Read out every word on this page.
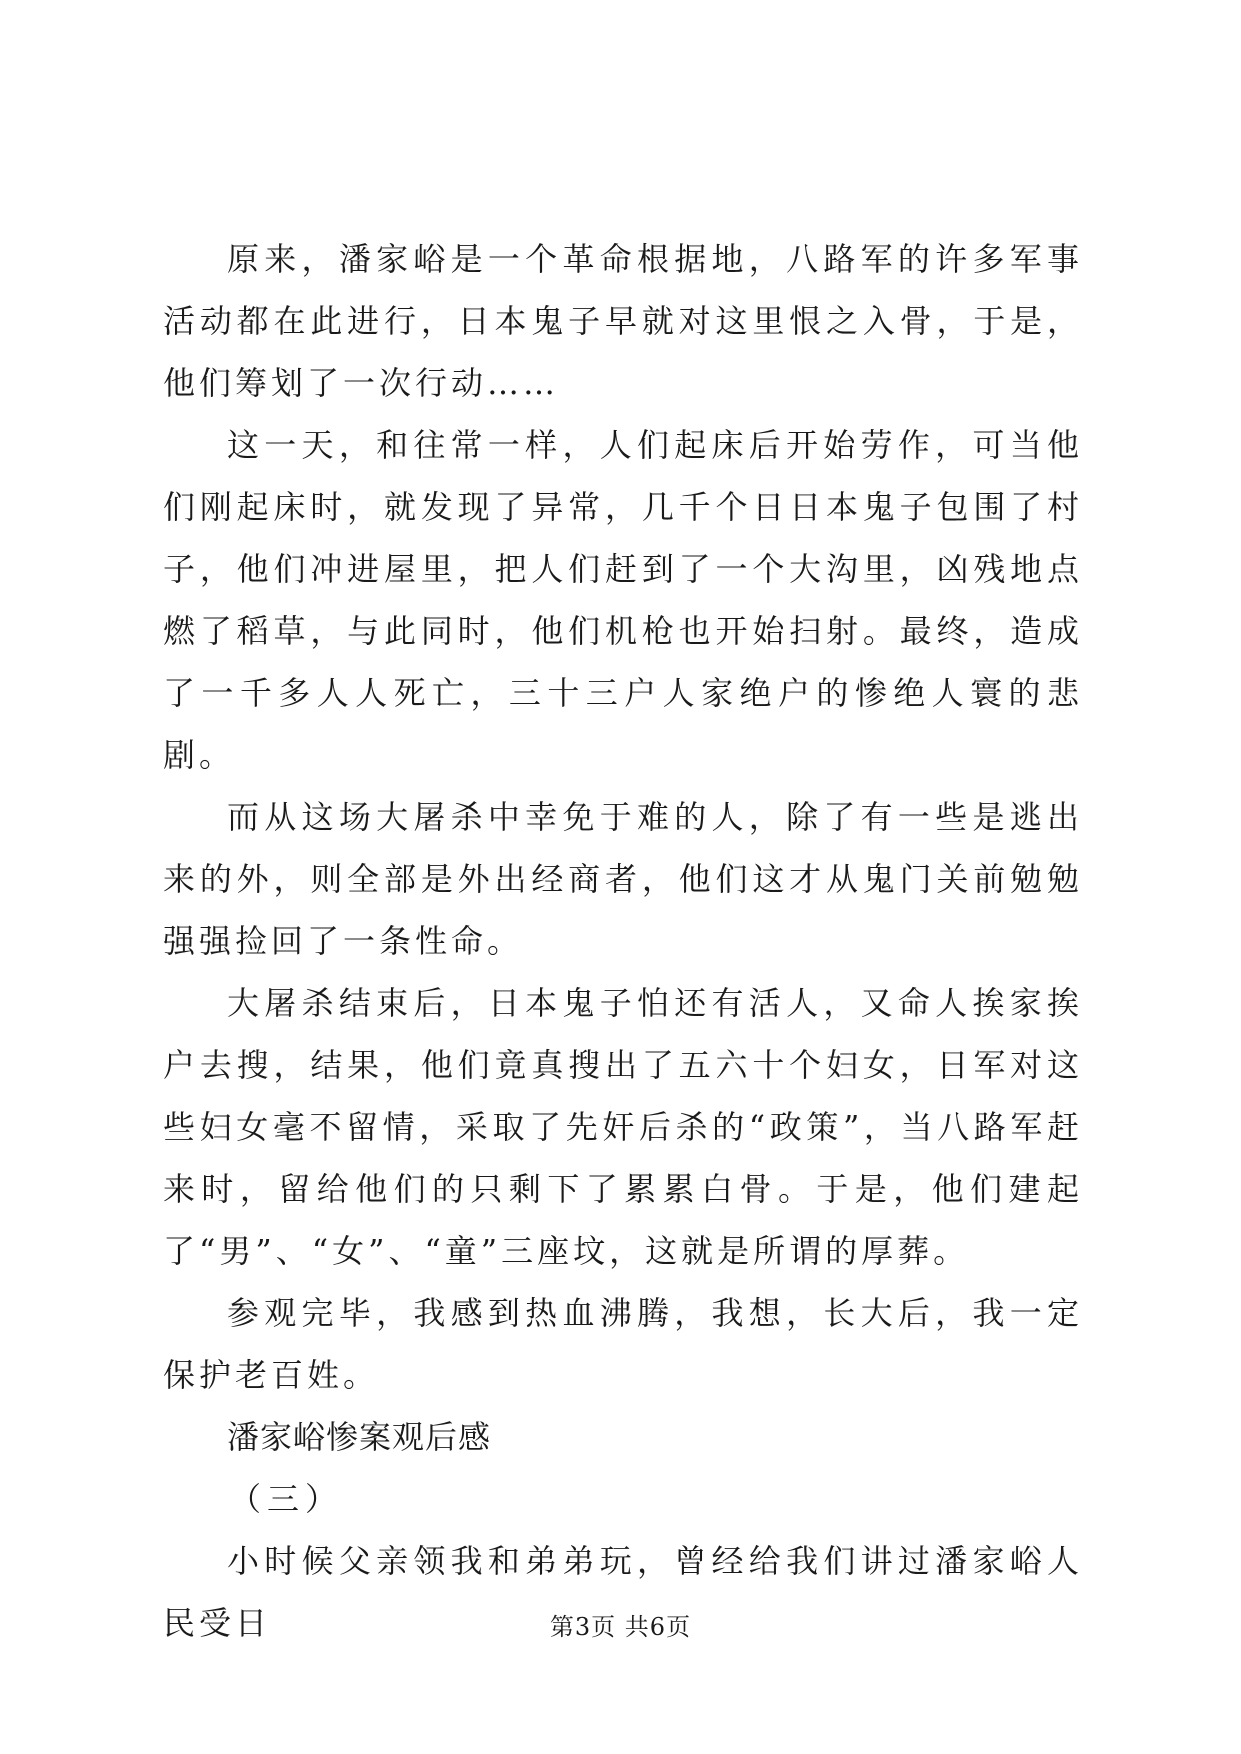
原来，潘家峪是一个革命根据地，八路军的许多军事活动都在此进行，日本鬼子早就对这里恨之入骨，于是，他们筹划了一次行动……

这一天，和往常一样，人们起床后开始劳作，可当他们刚起床时，就发现了异常，几千个日日本鬼子包围了村子，他们冲进屋里，把人们赶到了一个大沟里，凶残地点燃了稻草，与此同时，他们机枪也开始扫射。最终，造成了一千多人人死亡，三十三户人家绝户的惨绝人寰的悲剧。

而从这场大屠杀中幸免于难的人，除了有一些是逃出来的外，则全部是外出经商者，他们这才从鬼门关前勉勉强强捡回了一条性命。

大屠杀结束后，日本鬼子怕还有活人，又命人挨家挨户去搜，结果，他们竟真搜出了五六十个妇女，日军对这些妇女毫不留情，采取了先奸后杀的“政策”，当八路军赶来时，留给他们的只剩下了累累白骨。于是，他们建起了“男”、“女”、“童”三座坟，这就是所谓的厚葬。

参观完毕，我感到热血沸腾，我想，长大后，我一定保护老百姓。

潘家峪惨案观后感

（三）

小时候父亲领我和弟弟玩，曾经给我们讲过潘家峪人民受日	第3页 共6页
